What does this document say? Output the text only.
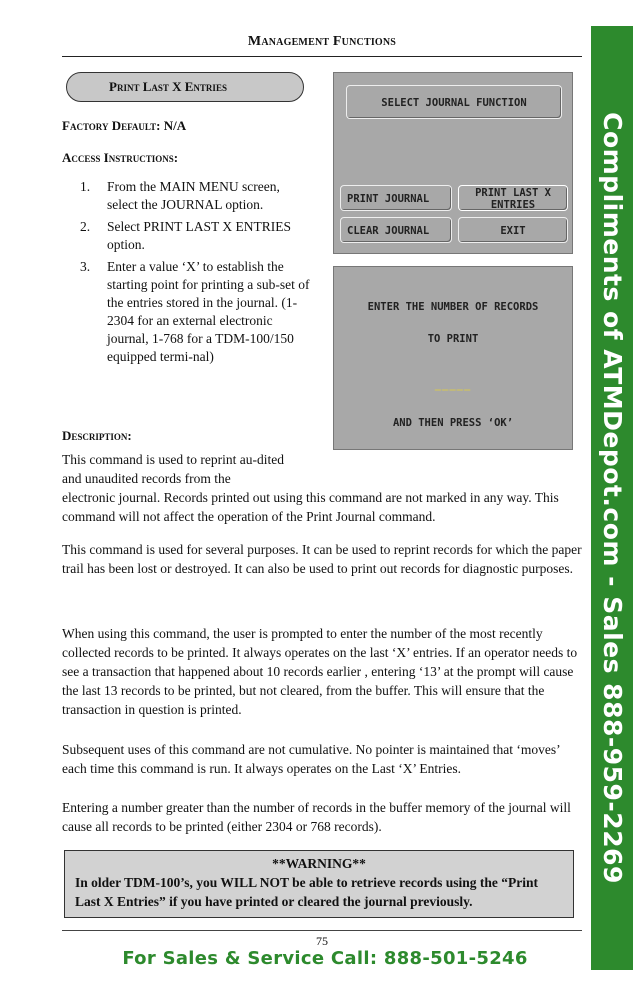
Management Functions
Print Last X Entries
Factory Default: N/A
Access Instructions:
1. From the MAIN MENU screen, select the JOURNAL option.
2. Select PRINT LAST X ENTRIES option.
3. Enter a value ‘X’ to establish the starting point for printing a sub-set of the entries stored in the journal. (1-2304 for an external electronic journal, 1-768 for a TDM-100/150 equipped termi-nal)
SELECT JOURNAL FUNCTION
PRINT JOURNAL	PRINT LAST X ENTRIES
CLEAR JOURNAL	EXIT
ENTER THE NUMBER OF RECORDS
TO PRINT
_____
AND THEN PRESS ‘OK’
Description:
This command is used to reprint au-dited and unaudited records from the
electronic journal. Records printed out using this command are not marked in any way. This command will not affect the operation of the Print Journal command.
This command is used for several purposes. It can be used to reprint records for which the paper trail has been lost or destroyed. It can also be used to print out records for diagnostic purposes.
When using this command, the user is prompted to enter the number of the most recently collected records to be printed. It always operates on the last ‘X’ entries. If an operator needs to see a transaction that happened about 10 records earlier , entering ‘13’ at the prompt will cause the last 13 records to be printed, but not cleared, from the buffer. This will ensure that the transaction in question is printed.
Subsequent uses of this command are not cumulative. No pointer is maintained that ‘moves’ each time this command is run. It always operates on the Last ‘X’ Entries.
Entering a number greater than the number of records in the buffer memory of the journal will cause all records to be printed (either 2304 or 768 records).
**WARNING**
In older TDM-100’s, you WILL NOT be able to retrieve records using the “Print Last X Entries” if you have printed or cleared the journal previously.
75
For Sales & Service Call: 888-501-5246
Compliments of ATMDepot.com - Sales 888-959-2269
